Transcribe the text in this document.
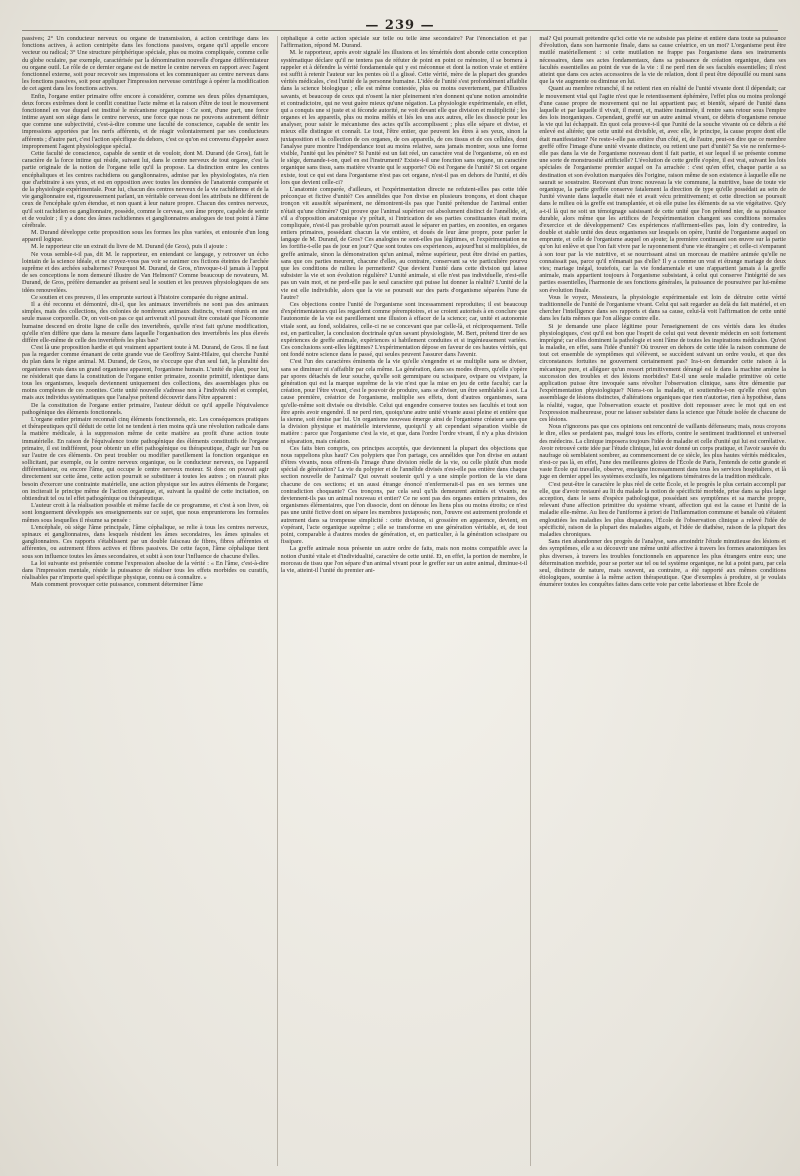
— 239 —

passives; 2° Un conducteur nerveux ou organe de transmission, à action centrifuge dans les fonctions actives, à action centripète dans les fonctions passives, organe qu'il appelle encore vecteur ou radical; 3° Une structure périphérique spéciale, plus ou moins compliquée, comme celle du globe oculaire, par exemple, caractérisée par la dénomination nouvelle d'organe différentiateur ou organe outil. Le rôle de ce dernier organe est de mettre le centre nerveux en rapport avec l'agent fonctionnel externe, soit pour recevoir ses impressions et les communiquer au centre nerveux dans les fonctions passives, soit pour appliquer l'impression nerveuse centrifuge à opérer la modification de cet agent dans les fonctions actives.

Enfin, l'organe entier primaire offre encore à considérer, comme ses deux pôles dynamiques, deux forces extrêmes dont le conflit constitue l'acte même et la raison d'être de tout le mouvement fonctionnel en vue duquel est institué le mécanisme organique : Ce sont, d'une part, une force intime ayant son siège dans le centre nerveux, une force que nous ne pouvons autrement définir que comme une subjectivité, c'est-à-dire comme une faculté de conscience, capable de sentir les impressions apportées par les nerfs afférents, et de réagir volontairement par ses conducteurs afférents ; d'autre part, c'est l'action spécifique du dehors, c'est ce qu'on est convenu d'appeler assez improprement l'agent physiologique spécial.

Cette faculté de conscience, capable de sentir et de vouloir, dont M. Durand (de Gros), fait le caractère de la force intime qui réside, suivant lui, dans le centre nerveux de tout organe, c'est la partie originale de la notion de l'organe telle qu'il la propose. La distinction entre les centres encéphaliques et les centres rachidiens ou ganglionnaires, admise par les physiologistes, n'a rien que d'arbitraire à ses yeux, et est en opposition avec toutes les données de l'anatomie comparée et de la physiologie expérimentale. Pour lui, chacun des centres nerveux de la vie rachidienne et de la vie ganglionnaire est, rigoureusement parlant, un véritable cerveau dont les attributs ne diffèrent de ceux de l'encéphale qu'en étendue, et non quant à leur nature propre. Chacun des centres nerveux, qu'il soit rachidien ou ganglionnaire, possède, comme le cerveau, son âme propre, capable de sentir et de vouloir ; il y a donc des âmes rachidiennes et ganglionnaires analogues de tout point à l'âme cérébrale.

M. Durand développe cette proposition sous les formes les plus variées, et entourée d'un long appareil logique.

M. le rapporteur cite un extrait du livre de M. Durand (de Gros), puis il ajoute :

Ne vous semble-t-il pas, dit M. le rapporteur, en entendant ce langage, y retrouver un écho lointain de la science idéale, et ne croyez-vous pas voir se ranimer ces fictions éteintes de l'archée suprême et des archées subalternes? Pourquoi M. Durand, de Gros, n'invoque-t-il jamais à l'appui de ses conceptions le nom demeuré illustre de Van Helmont? Comme beaucoup de novateurs, M. Durand, de Gros, préfère demander au présent seul le soutien et les preuves physiologiques de ses idées renouvelées.

Ce soutien et ces preuves, il les emprunte surtout à l'histoire comparée du règne animal.

Il a été reconnu et démontré, dit-il, que les animaux invertébrés ne sont pas des animaux simples, mais des collections, des colonies de nombreux animaux distincts, vivant réunis en une seule masse corporelle. Or, on voit-on pas ce qui arriverait s'il pouvait être constaté que l'économie humaine descend en droite ligne de celle des invertébrés, qu'elle n'est fait qu'une modification, qu'elle n'en diffère que dans la mesure dans laquelle l'organisation des invertébrés les plus élevés diffère elle-même de celle des invertébrés les plus bas?

C'est là une proposition hardie et qui vraiment appartient toute à M. Durand, de Gros. Il ne faut pas la regarder comme émanant de cette grande vue de Geoffroy Saint-Hilaire, qui cherche l'unité du plan dans le règne animal. M. Durand, de Gros, ne s'occupe que d'un seul fait, la pluralité des organismes vrais dans un grand organisme apparent, l'organisme humain. L'unité du plan, pour lui, ne résiderait que dans la constitution de l'organe entier primaire, zoonite primitif, identique dans tous les organismes, lesquels deviennent uniquement des collections, des assemblages plus ou moins complexes de ces zoonites. Cette unité nouvelle s'adresse non à l'individu réel et complet, mais aux individus systématiques que l'analyse prétend découvrir dans l'être apparent :

De la constitution de l'organe entier primaire, l'auteur déduit ce qu'il appelle l'équivalence pathogénique des éléments fonctionnels.

L'organe entier primaire reconnaît cinq éléments fonctionnels, etc. Les conséquences pratiques et thérapeutiques qu'il déduit de cette loi ne tendent à rien moins qu'à une révolution radicale dans la matière médicale, à la suppression même de cette matière au profit d'une action toute immatérielle. En raison de l'équivalence toute pathogénique des éléments constitutifs de l'organe primaire, il est indifférent, pour obtenir un effet pathogénique ou thérapeutique, d'agir sur l'un ou sur l'autre de ces éléments. On peut troubler ou modifier pareillement la fonction organique en sollicitant, par exemple, ou le centre nerveux organique, ou le conducteur nerveux, ou l'appareil différentiateur, ou encore l'âme, qui occupe le centre nerveux moteur. Si donc on pouvait agir directement sur cette âme, cette action pourrait se substituer à toutes les autres ; on n'aurait plus besoin d'exercer une contrainte matérielle, une action physique sur les autres éléments de l'organe; on inciterait le principe même de l'action organique, et, suivant la qualité de cette incitation, on obtiendrait tel ou tel effet pathogénique ou thérapeutique.

L'auteur croit à la réalisation possible et même facile de ce programme, et c'est à son livre, où sont longuement développés ses enseignements sur ce sujet, que nous emprunterons les formules mêmes sous lesquelles il résume sa pensée :

L'encéphale, où siège l'âme principale, l'âme céphalique, se relie à tous les centres nerveux, spinaux et ganglionnaires, dans lesquels résident les âmes secondaires, les âmes spinales et ganglionnaires. Ces rapports s'établissent par un double faisceau de fibres, fibres afférentes et afférentes, ou autrement fibres actives et fibres passives. De cette façon, l'âme céphalique tient sous son influence toutes les âmes secondaires, et subit à son tour l'influence de chacune d'elles.

La loi suivante est présentée comme l'expression absolue de la vérité : « En l'âme, c'est-à-dire dans l'impression mentale, réside la puissance de réaliser tous les effets morbides ou curatifs, réalisables par n'importe quel spécifique physique, connu ou à connaître. »

Mais comment provoquer cette puissance, comment déterminer l'âme

céphalique à cette action spéciale sur telle ou telle âme secondaire? Par l'énonciation et par l'affirmation, répond M. Durand.

M. le rapporteur, après avoir signalé les illusions et les témérités dont abonde cette conception systématique déclare qu'il ne tentera pas de réfuter de point en point ce mémoire, il se bornera à rappeler et à défendre la vérité fondamentale qui y est méconnue et dont la notion vraie et entière est suffit à retenir l'auteur sur les pentes où il a glissé. Cette vérité, mère de la plupart des grandes vérités médicales, c'est l'unité de la personne humaine. L'idée de l'unité s'est profondément affaiblie dans la science biologique ; elle est même contestée, plus ou moins ouvertement, par d'illustres savants, et beaucoup de ceux qui n'osent la nier pleinement n'en donnent qu'une notion amoindrie et contradictoire, qui ne veut guère mieux qu'une négation. La physiologie expérimentale, en effet, qui a conquis une si juste et si féconde autorité, ne voit devant elle que division et multiplicité ; les organes et les appareils, plus ou moins mêlés et liés les uns aux autres, elle les dissocie pour les analyser, pour saisir le mécanisme des actes qu'ils accomplissent ; plus elle sépare et divise, et mieux elle distingue et connaît. Le tout, l'être entier, que peuvent les êtres à ses yeux, sinon la juxtaposition et la collection de ces organes, de ces appareils, de ces tissus et de ces cellules, dont l'analyse pure montre l'indépendance tout au moins relative, sans jamais montrer, sous une forme visible, l'unité qui les pénètre? Si l'unité est un fait réel, un caractère vrai de l'organisme, où en est le siège, demande-t-on, quel en est l'instrument? Existe-t-il une fonction sans organe, un caractère organique sans tissu, sans matière vivante qui le supporte? Où est l'organe de l'unité? Si cet organe existe, tout ce qui est dans l'organisme n'est pas cet organe, n'est-il pas en dehors de l'unité, et dès lors que devient celle-ci?

L'anatomie comparée, d'ailleurs, et l'expérimentation directe ne refutent-elles pas cette idée préconçue et fictive d'unité? Ces annélides que l'on divise en plusieurs tronçons, et dont chaque tronçon vit aussitôt séparément, ne démontrent-ils pas que l'unité prétendue de l'animal entier n'était qu'une chimère? Qui prouve que l'animal supérieur est absolument distinct de l'annélide, et, s'il a d'opposition anatomique s'y prêtait, si l'intrication de ses parties constituantes était moins compliquée, n'est-il pas probable qu'on pourrait aussi le séparer en parties, en zoonites, en organes entiers primaires, possédant chacun la vie entière, et doués de leur âme propre, pour parler le langage de M. Durand, de Gros? Ces analogies ne sont-elles pas légitimes, et l'expérimentation ne les fortifie-t-elle pas de jour en jour? Que sont toutes ces expériences, aujourd'hui si multipliées, de greffe animale, sinon la démonstration qu'un animal, même supérieur, peut être divisé en parties, sans que ces parties meurent, chacune d'elles, au contraire, conservant sa vie particulière pourvu que les conditions de milieu le permettent? Que devient l'unité dans cette division qui laisse subsister la vie et son évolution régulière? L'unité animale, si elle n'est pas individuelle, n'est-elle pas un vain mot, et ne perd-elle pas le seul caractère qui puisse lui donner la réalité? L'unité de la vie est elle indivisible, alors que la vie se poursuit sur des parts d'organisme séparées l'une de l'autre?

Ces objections contre l'unité de l'organisme sont incessamment reproduites; il est beaucoup d'expérimentateurs qui les regardent comme péremptoires, et se croient autorisés à en conclure que l'autonomie de la vie est pareillement une illusion à effacer de la science; car, unité et autonomie vitale sont, au fond, solidaires, celle-ci ne se concevant que par celle-là, et réciproquement. Telle est, en particulier, la conclusion doctrinale qu'un savant physiologiste, M. Bert, prétend tirer de ses expériences de greffe animale, expériences si habilement conduites et si ingénieusement variées. Ces conclusions sont-elles légitimes? L'expérimentation dépose en faveur de ces hautes vérités, qui ont fondé notre science dans le passé, qui seules peuvent l'assurer dans l'avenir.

C'est l'un des caractères éminents de la vie qu'elle s'engendre et se multiplie sans se diviser, sans se diminuer ni s'affaiblir par cela même. La génération, dans ses modes divers, qu'elle s'opère par spores détachés de leur souche, qu'elle soit gemmipare ou scissipare, ovipare ou vivipare, la génération qui est la marque suprême de la vie n'est que la mise en jeu de cette faculté; car la création, pour l'être vivant, c'est le pouvoir de produire, sans se diviser, un être semblable à soi. La cause première, créatrice de l'organisme, multiplie ses effets, dont d'autres organismes, sans qu'elle-même soit divisée ou divisible. Celui qui engendre conserve toutes ses facultés et tout son être après avoir engendré. Il ne perd rien, quoiqu'une autre unité vivante aussi pleine et entière que la sienne, soit émise par lui. Un organisme nouveau émerge ainsi de l'organisme créateur sans que la division physique et matérielle intervienne, quoiqu'il y ait cependant séparation visible de matière : parce que l'organisme c'est la vie, et que, dans l'ordre l'ordre vivant, il n'y a plus division ni séparation, mais création.

Ces faits bien compris, ces principes acceptés, que deviennent la plupart des objections que nous rappelions plus haut? Ces polypiers que l'on partage, ces annélides que l'on divise en autant d'êtres vivants, nous offrent-ils l'image d'une division réelle de la vie, ou celle plutôt d'un mode spécial de génération? La vie du polypier et de l'annélide divisés n'est-elle pas entière dans chaque section nouvelle de l'animal? Qui ouvrait soutenir qu'il y a une simple portion de la vie dans chacune de ces sections; et un aussi étrange énoncé n'enfermerait-il pas en ses termes une contradiction choquante? Ces tronçons, par cela seul qu'ils demeurent animés et vivants, ne deviennent-ils pas un animal nouveau et entier? Ce ne sont pas des organes entiers primaires, des organismes élémentaires, que l'on dissocie, dont on dénoue les liens plus ou moins étroits; ce n'est pas une unité fictive dont on sépare les membres juxtaposés; non, l'œuvre est autrement profonde et autrement dans sa trompeuse simplicité : cette division, si grossière en apparence, devient, en s'opérant, l'acte organique suprême ; elle se transforme en une génération véritable, et, de tout point, comparable à d'autres modes de génération, et, en particulier, à la génération scissipare ou fissipare.

La greffe animale nous présente un autre ordre de faits, mais non moins compatible avec la notion d'unité vitale et d'individualité, caractère de cette unité. Et, en effet, la portion de membre, le morceau de tissu que l'on sépare d'un animal vivant pour le greffer sur un autre animal, diminue-t-il la vie, atteint-il l'unité du premier ani-

mal? Qui pourrait prétendre qu'ici cette vie ne subsiste pas pleine et entière dans toute sa puissance d'évolution, dans son harmonie finale, dans sa cause créatrice, en un mot? L'organisme peut être mutilé matériellement : si cette mutilation ne frappe pas l'organisme dans ses instruments nécessaires, dans ses actes fondamentaux, dans sa puissance de création organique, dans ses facultés essentielles au point de vue de la vie : il ne perd rien de ses facultés essentielles; il n'est atteint que dans ces actes accessoires de la vie de relation, dont il peut être dépouillé ou muni sans que la vie augmente ou diminue en lui.

Quant au membre retranché, il ne retient rien en réalité de l'unité vivante dont il dépendait; car le mouvement vital qui l'agite n'est que le retentissement éphémère, l'effet plus ou moins prolongé d'une cause propre de mouvement qui ne lui appartient pas; et bientôt, séparé de l'unité dans laquelle et par laquelle il vivait, il meurt, et, matière inanimée, il rentre sans retour sous l'empire des lois inorganiques. Cependant, greffé sur un autre animal vivant, ce débris d'organisme renoue la vie qui lui échappait. En quoi cela prouve-t-il que l'unité de la souche vivante où ce débris a été enlevé est altérée; que cette unité est divisible, et, avec elle, le principe, la cause propre dont elle était manifestation? Ne reste-t-elle pas entière d'un côté, et, de l'autre, peut-on dire que ce membre greffé offre l'image d'une unité vivante distincte, ou retient une part d'unité? Sa vie ne renferme-t-elle pas dans la vie de l'organisme nouveau dont il fait partie, et sur lequel il se présente comme une sorte de monstruosité artificielle? L'évolution de cette greffe s'opère, il est vrai, suivant les lois spéciales de l'organisme premier auquel on l'a arrachée : c'est qu'en effet, chaque partie a sa destination et son évolution marquées dès l'origine, raison même de son existence à laquelle elle ne saurait se soustraire. Recevant d'un tronc nouveau la vie commune, la nutritive, base de toute vie organique, la partie greffée conserve fatalement la direction de type qu'elle possédait au sein de l'unité vivante dans laquelle était née et avait vécu primitivement; et cette direction se poursuit dans le milieu où la greffe est transplantée, et où elle puise les éléments de sa vie végétative. Qu'y a-t-il là qui ne soit un témoignage saisissant de cette unité que l'on prétend nier, de sa puissance durable, alors même que les artifices de l'expérimentation changent ses conditions normales d'exercice et de développement? Ces expériences n'affirment-elles pas, loin d'y contredire, la double et stable unité des deux organismes sur lesquels on opère, l'unité de l'organisme auquel on emprunte, et celle de l'organisme auquel on ajoute; la première continuant son œuvre sur la partie qu'on lui enlève et que l'on fait vivre par le rayonnement d'une vie étrangère ; et celle-ci s'emparant à son tour par la vie nutritive, et se nourrissant ainsi un morceau de matière animée qu'elle ne connaissait pas, parce qu'il n'émanait pas d'elle? Il y a comme un vrai et étrange mariage de deux vies; mariage inégal, toutefois, car la vie fondamentale et une n'appartient jamais à la greffe animale, mais appartient toujours à l'organisme subsistant, à celui qui conserve l'intégrité de ses parties essentielles, l'harmonie de ses fonctions générales, la puissance de poursuivre par lui-même son évolution finale.

Vous le voyez, Messieurs, la physiologie expérimentale est loin de détruire cette vérité traditionnelle de l'unité de l'organisme vivant. Celui qui sait regarder au delà du fait matériel, et en chercher l'intelligence dans ses rapports et dans sa cause, celui-là voit l'affirmation de cette unité dans les faits mêmes que l'on allègue contre elle.

Si je demande une place légitime pour l'enseignement de ces vérités dans les études physiologiques, c'est qu'il est bon que l'esprit de celui qui veut devenir médecin en soit fortement imprégné; car elles dominent la pathologie et sont l'âme de toutes les inspirations médicales. Qu'est la maladie, en effet, sans l'idée d'unité? Où trouver en dehors de cette idée la raison commune de tout cet ensemble de symptômes qui s'élèvent, se succèdent suivant un ordre voulu, et que des circonstances fortuites ne gouvernent certainement pas? Ira-t-on demander cette raison à la mécanique pure, et alléguer qu'un ressort primitivement dérangé est le dans la machine amène la succession des troubles et des lésions morbides? Est-il une seule maladie primitive où cette application puisse être invoquée sans révolter l'observation clinique, sans être démentie par l'expérimentation physiologique? Niera-t-on la maladie, et soutiendra-t-on qu'elle n'est qu'un assemblage de lésions distinctes, d'altérations organiques que rien n'autorise, rien à hypothèse, dans la réalité, vague, que l'observation exacte et positive doit repousser avec le mot qui en est l'expression malheureuse, pour ne laisser subsister dans la science que l'étude isolée de chacune de ces lésions.

Nous n'ignorons pas que ces opinions ont rencontré de vaillants défenseurs; mais, nous croyons le dire, elles se perdaient pas, malgré tous les efforts, contre le sentiment traditionnel et universel des médecins. La clinique imposera toujours l'idée de maladie et celle d'unité qui lui est corrélative. Avoir retrouvé cette idée par l'étude clinique, lui avoir donné un corps pratique, et l'avoir sauvée du naufrage où semblaient sombrer, au commencement de ce siècle, les plus hautes vérités médicales, n'est-ce pas là, en effet, l'une des meilleures gloires de l'École de Paris, l'entends de cette grande et vaste École qui travaille, observe, enseigne incessamment dans tous les services hospitaliers, et là juge en dernier appel les systèmes exclusifs, les négations téméraires de la tradition médicale.

C'est peut-être le caractère le plus réel de cette École, et le progrès le plus certain accompli par elle, que d'avoir restauré au lit du malade la notion de spécificité morbide, prise dans sa plus large acception, dans le sens d'espèce pathologique, possédant ses symptômes et sa marche propre, relevant d'une affection primitive du système vivant, affection qui est la cause et l'unité de la maladie elle-même. Au lieu de l'uniforme à priori de l'inflammation commune et banale où s'étaient engloutiées les maladies les plus disparates, l'École de l'observation clinique a relevé l'idée de spécificité, raison de la plupart des maladies aiguës, et l'idée de diathèse, raison de la plupart des maladies chroniques.

Sans rien abandonner des progrès de l'analyse, sans amoindrir l'étude minutieuse des lésions et des symptômes, elle a su découvrir une même unité affective à travers les formes anatomiques les plus diverses, à travers les troubles fonctionnels en apparence les plus étrangers entre eux; une détermination morbide, pour se porter sur tel ou tel système organique, ne lui a point paru, par cela seul, distincte de nature, mais souvent, au contraire, a été rapporté aux mêmes conditions étiologiques, soumise à la même action thérapeutique. Que d'exemples à produire, si je voulais énumérer toutes les conquêtes faites dans cette voie par cette laborieuse et libre École de
